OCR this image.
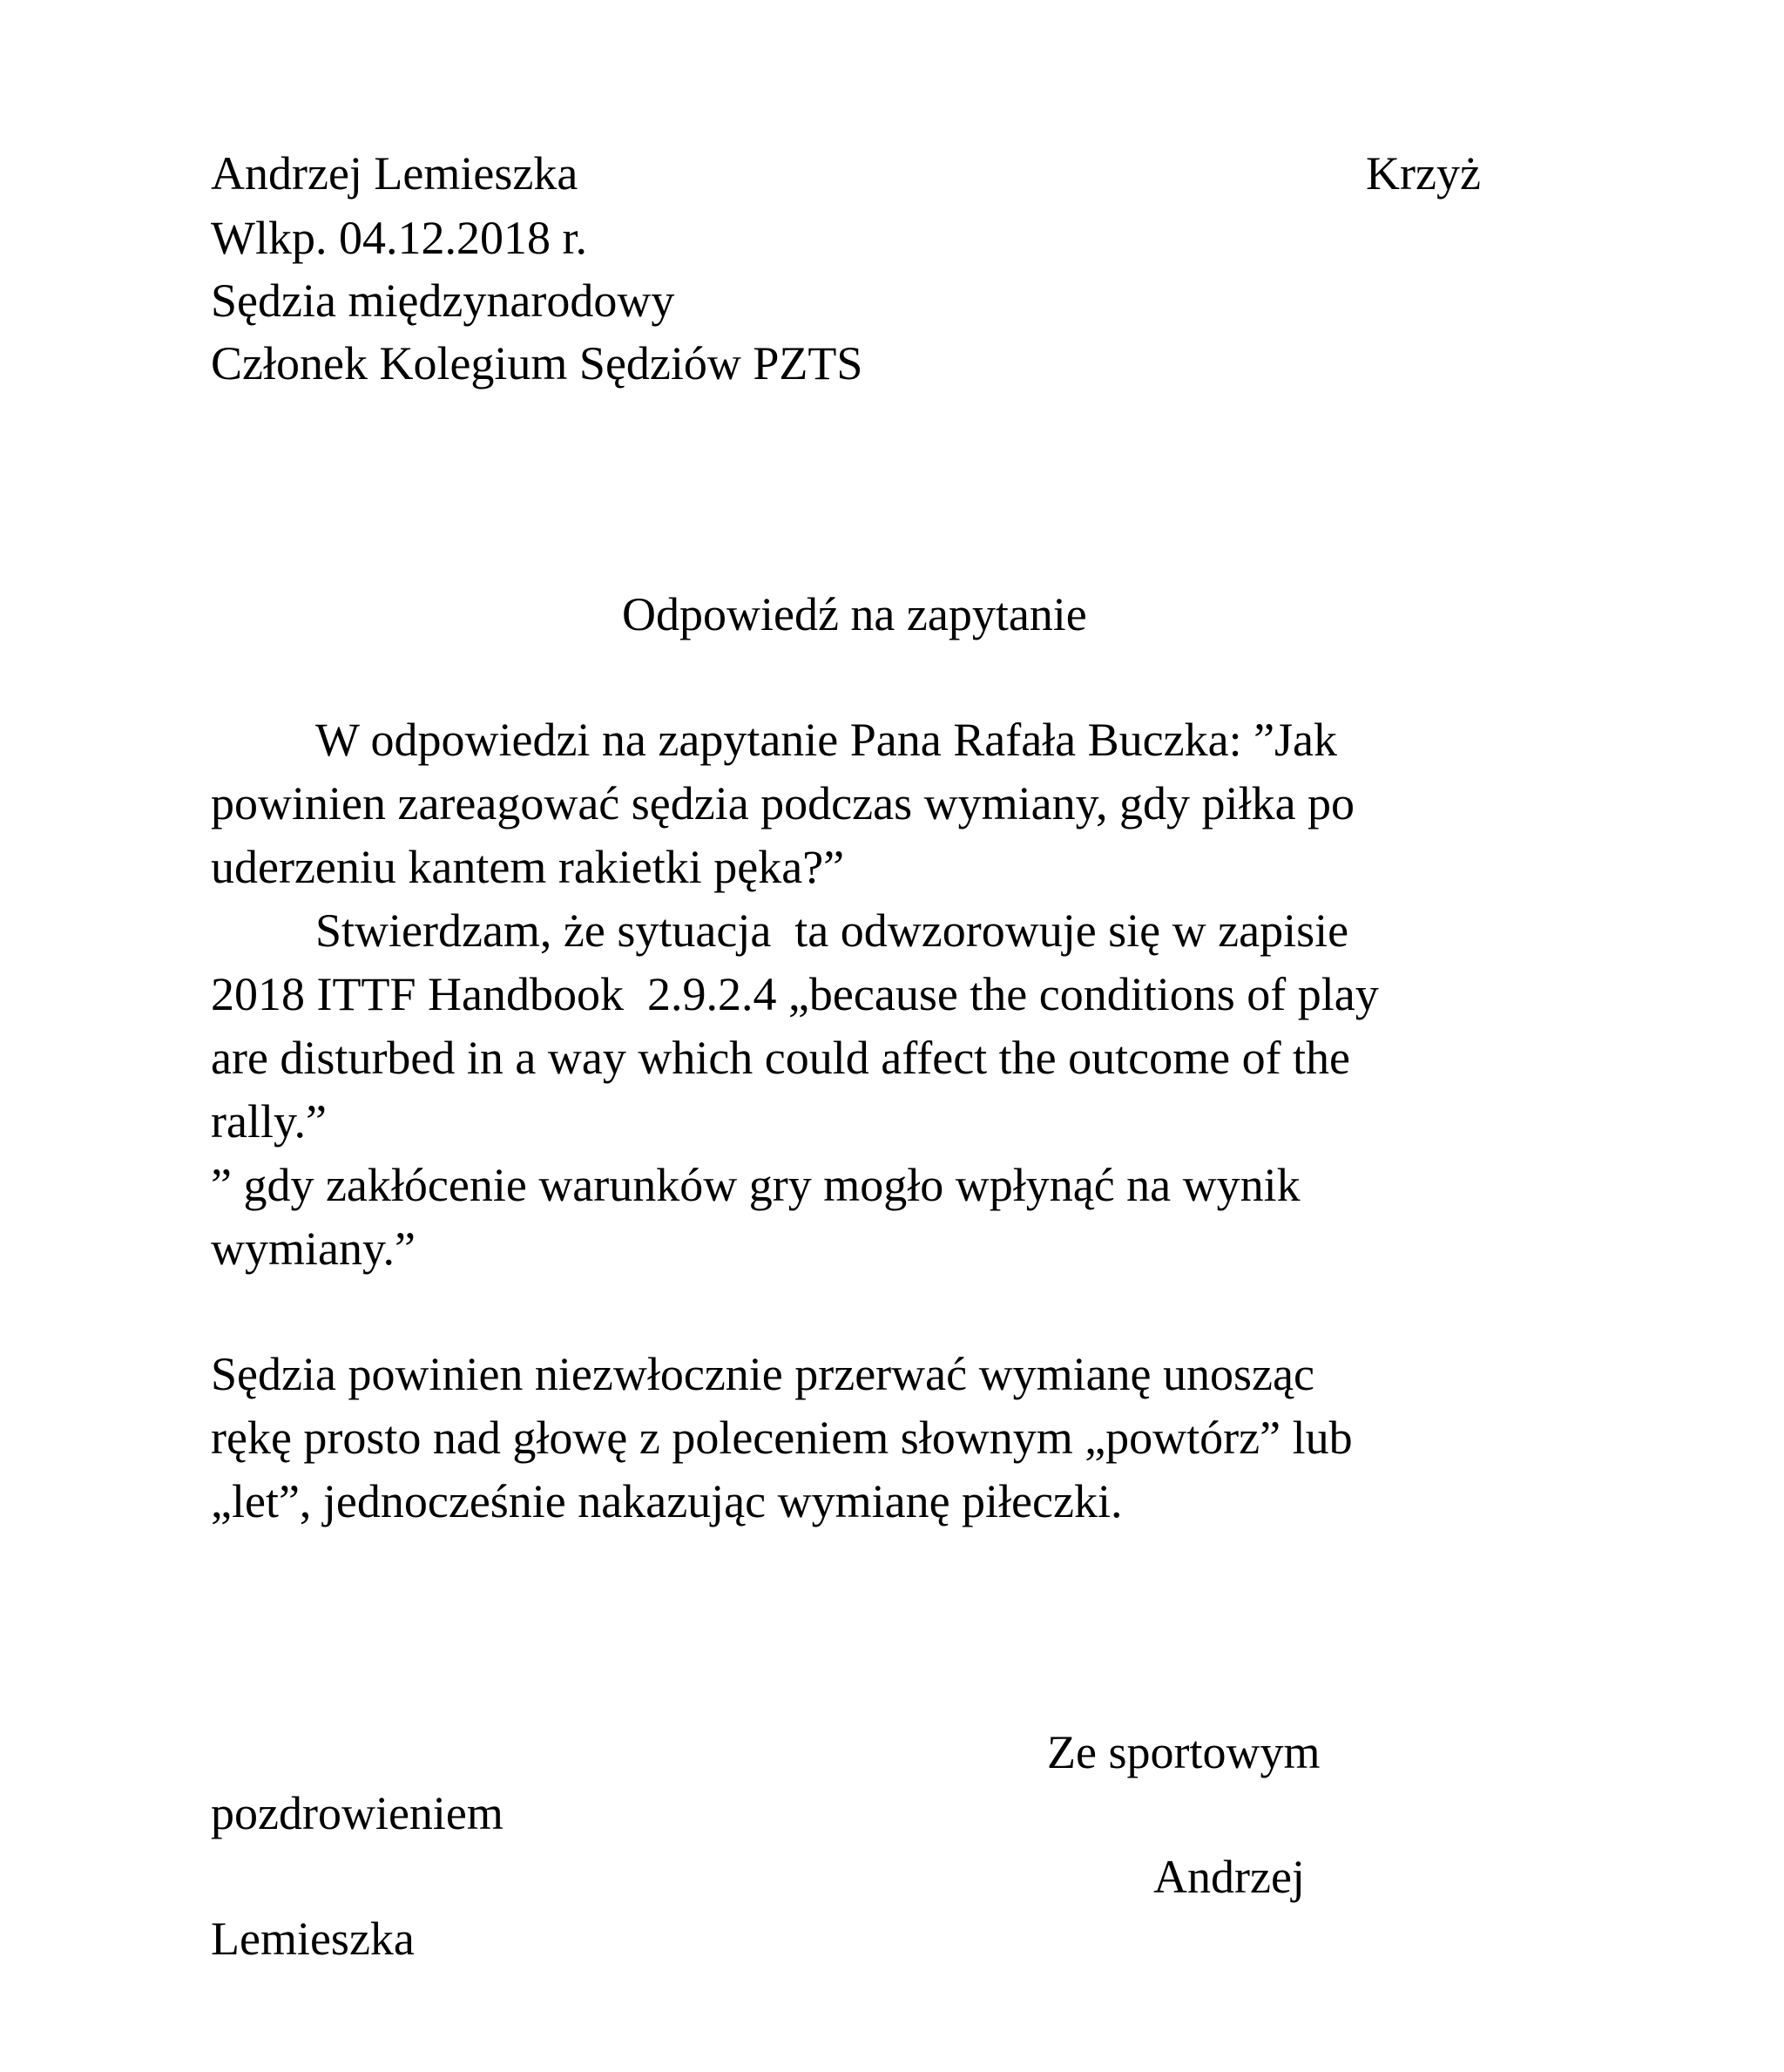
Andrzej Lemieszka	Krzyż
Wlkp. 04.12.2018 r.
Sędzia międzynarodowy
Członek Kolegium Sędziów PZTS
Odpowiedź na zapytanie
W odpowiedzi na zapytanie Pana Rafała Buczka: ”Jak
powinien zareagować sędzia podczas wymiany, gdy piłka po
uderzeniu kantem rakietki pęka?”
Stwierdzam, że sytuacja  ta odwzorowuje się w zapisie
2018 ITTF Handbook  2.9.2.4 „because the conditions of play
are disturbed in a way which could affect the outcome of the
rally.”
” gdy zakłócenie warunków gry mogło wpłynąć na wynik
wymiany.”
Sędzia powinien niezwłocznie przerwać wymianę unosząc
rękę prosto nad głowę z poleceniem słownym „powtórz” lub
„let”, jednocześnie nakazując wymianę piłeczki.
Ze sportowym
pozdrowieniem
Andrzej
Lemieszka
